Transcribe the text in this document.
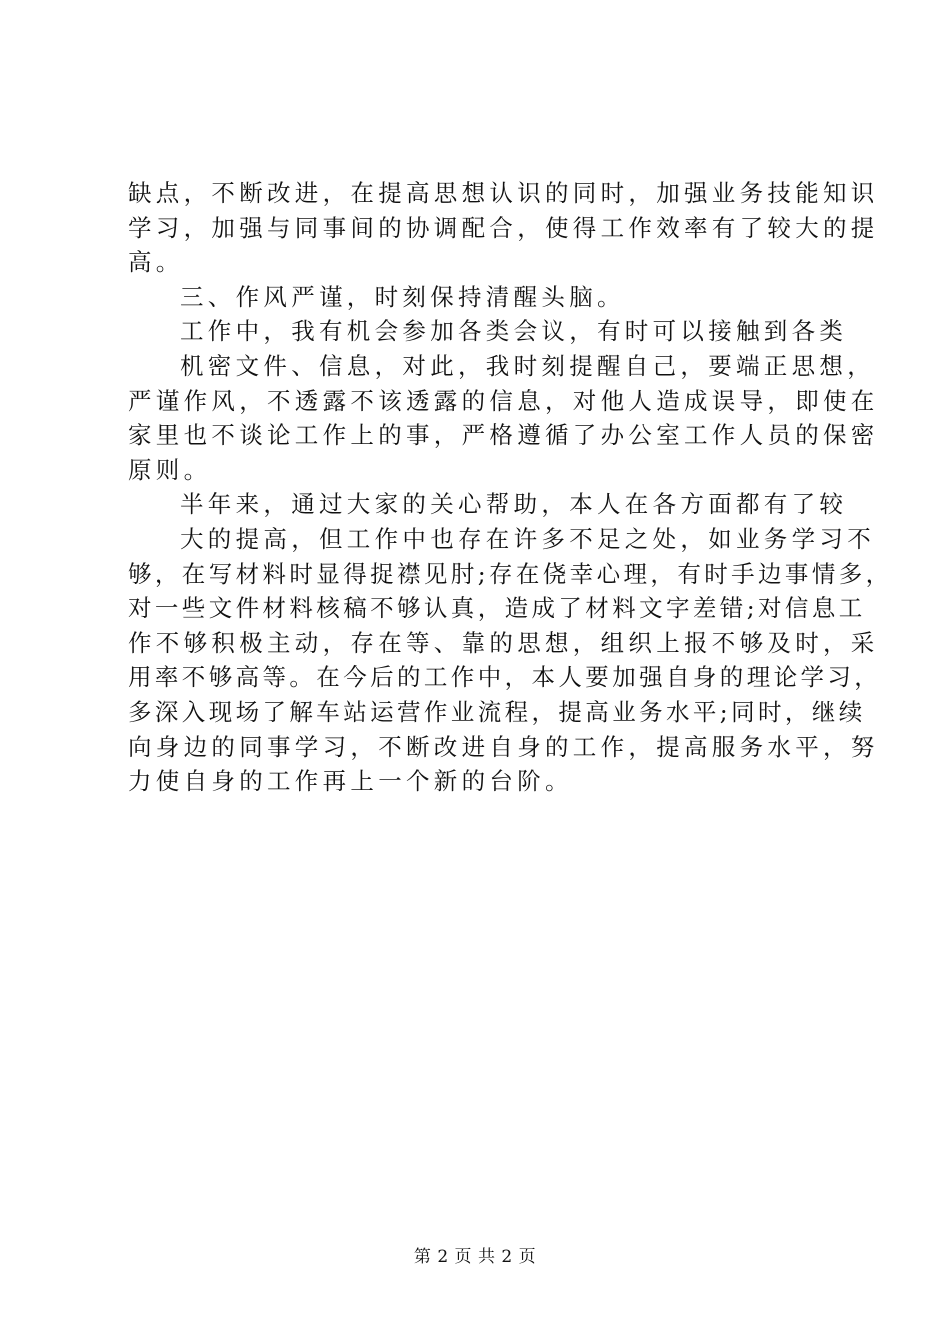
缺点，不断改进，在提高思想认识的同时，加强业务技能知识
学习，加强与同事间的协调配合，使得工作效率有了较大的提
高。
三、作风严谨，时刻保持清醒头脑。
工作中，我有机会参加各类会议，有时可以接触到各类
机密文件、信息，对此，我时刻提醒自己，要端正思想，
严谨作风，不透露不该透露的信息，对他人造成误导，即使在
家里也不谈论工作上的事，严格遵循了办公室工作人员的保密
原则。
半年来，通过大家的关心帮助，本人在各方面都有了较
大的提高，但工作中也存在许多不足之处，如业务学习不
够，在写材料时显得捉襟见肘;存在侥幸心理，有时手边事情多，
对一些文件材料核稿不够认真，造成了材料文字差错;对信息工
作不够积极主动，存在等、靠的思想，组织上报不够及时，采
用率不够高等。在今后的工作中，本人要加强自身的理论学习，
多深入现场了解车站运营作业流程，提高业务水平;同时，继续
向身边的同事学习，不断改进自身的工作，提高服务水平，努
力使自身的工作再上一个新的台阶。
第 2 页 共 2 页
